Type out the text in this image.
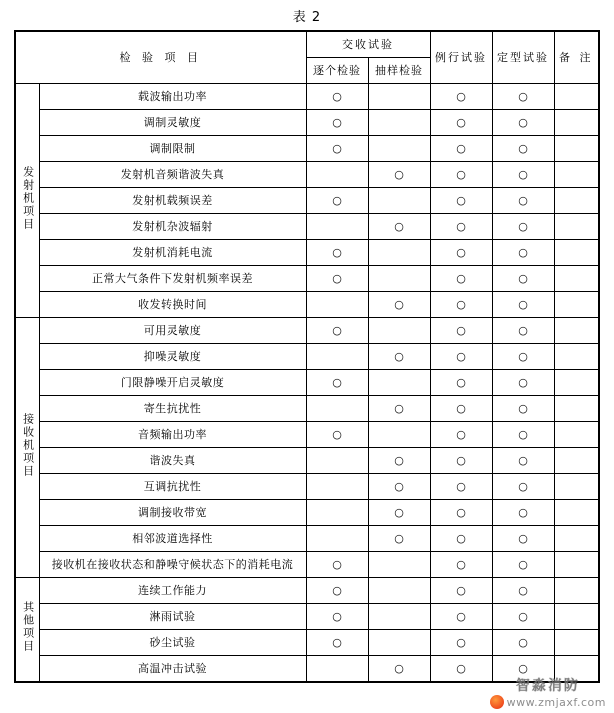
表 2
检 验 项 目		交收试验		例行试验	定型试验	备 注
		逐个检验	抽样检验			
发射机项目	载波输出功率	○		○	○	
	调制灵敏度	○		○	○	
	调制限制	○		○	○	
	发射机音频谐波失真		○	○	○	
	发射机载频误差	○		○	○	
	发射机杂波辐射		○	○	○	
	发射机消耗电流	○		○	○	
	正常大气条件下发射机频率误差	○		○	○	
	收发转换时间		○	○	○	
接收机项目	可用灵敏度	○		○	○	
	抑噪灵敏度		○	○	○	
	门限静噪开启灵敏度	○		○	○	
	寄生抗扰性		○	○	○	
	音频输出功率	○		○	○	
	谐波失真		○	○	○	
	互调抗扰性		○	○	○	
	调制接收带宽		○	○	○	
	相邻波道选择性		○	○	○	
	接收机在接收状态和静噪守候状态下的消耗电流	○		○	○	
其他项目	连续工作能力	○		○	○	
	淋雨试验	○		○	○	
	砂尘试验	○		○	○	
	高温冲击试验		○	○	○	
智淼消防
www.zmjaxf.com
